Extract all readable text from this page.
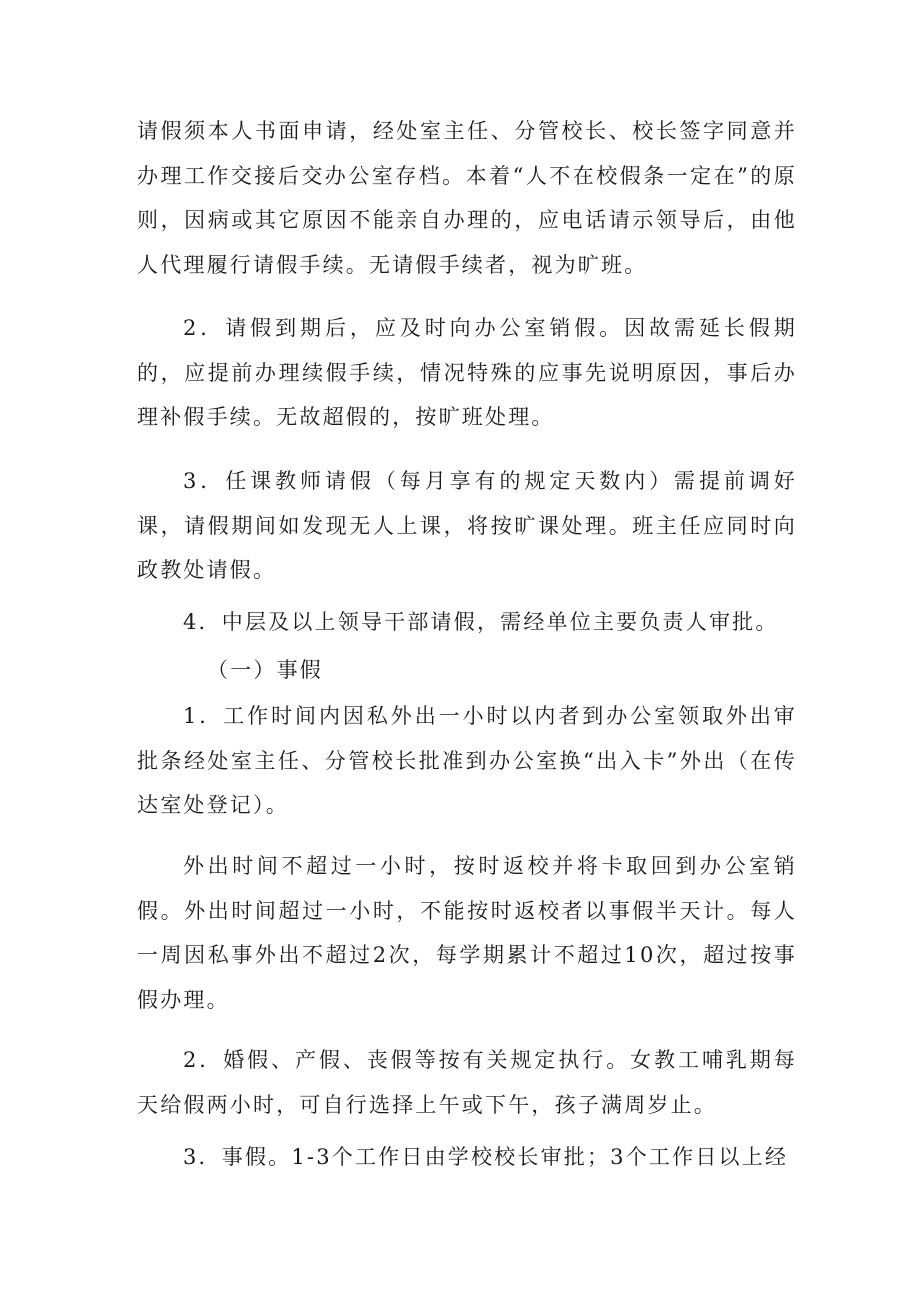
请假须本人书面申请，经处室主任、分管校长、校长签字同意并办理工作交接后交办公室存档。本着“人不在校假条一定在”的原则，因病或其它原因不能亲自办理的，应电话请示领导后，由他人代理履行请假手续。无请假手续者，视为旷班。

2．请假到期后，应及时向办公室销假。因故需延长假期的，应提前办理续假手续，情况特殊的应事先说明原因，事后办理补假手续。无故超假的，按旷班处理。

3．任课教师请假（每月享有的规定天数内）需提前调好课，请假期间如发现无人上课，将按旷课处理。班主任应同时向政教处请假。

4．中层及以上领导干部请假，需经单位主要负责人审批。

（一）事假

1．工作时间内因私外出一小时以内者到办公室领取外出审批条经处室主任、分管校长批准到办公室换“出入卡”外出（在传达室处登记）。

外出时间不超过一小时，按时返校并将卡取回到办公室销假。外出时间超过一小时，不能按时返校者以事假半天计。每人一周因私事外出不超过2次，每学期累计不超过10次，超过按事假办理。

2．婚假、产假、丧假等按有关规定执行。女教工哺乳期每天给假两小时，可自行选择上午或下午，孩子满周岁止。

3．事假。1-3个工作日由学校校长审批；3个工作日以上经
